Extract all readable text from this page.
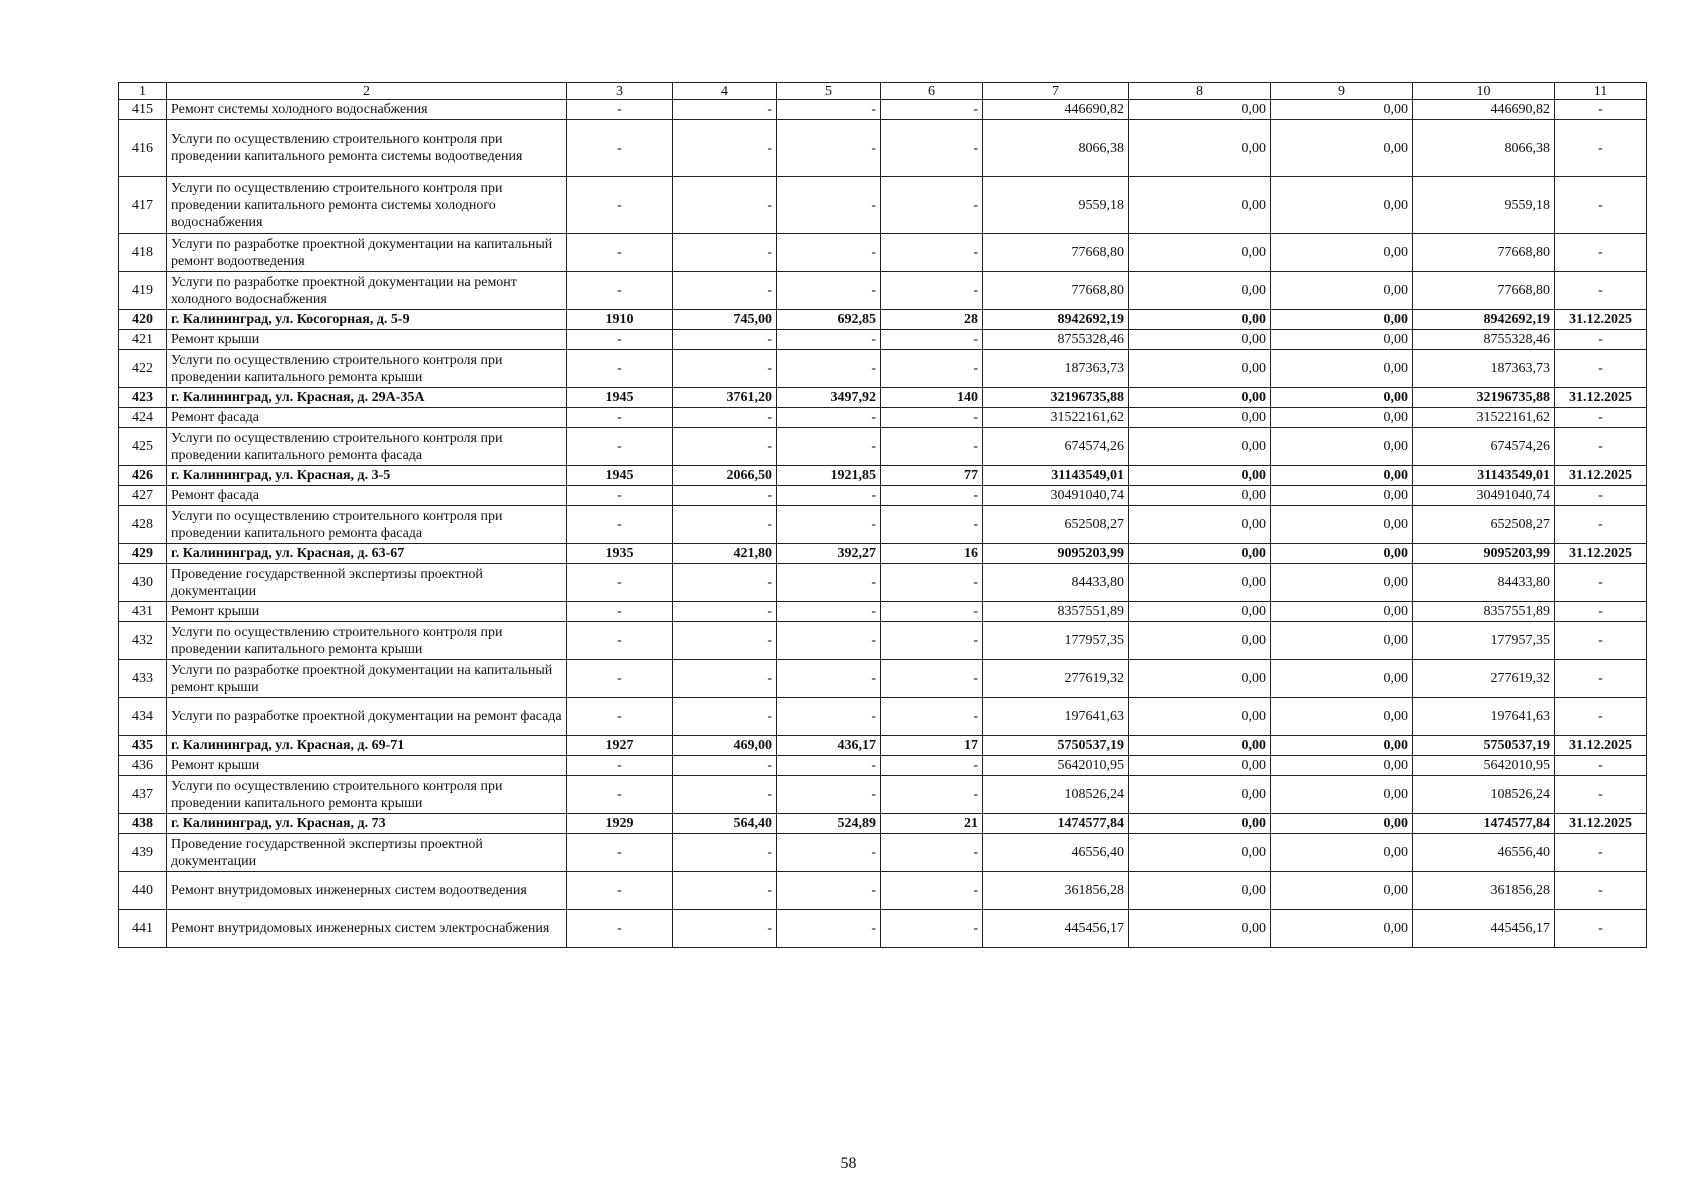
1	2	3	4	5	6	7	8	9	10	11
415	Ремонт системы холодного водоснабжения	-	-	-	-	446690,82	0,00	0,00	446690,82	-
416	Услуги по осуществлению строительного контроля при проведении капитального ремонта системы водоотведения	-	-	-	-	8066,38	0,00	0,00	8066,38	-
417	Услуги по осуществлению строительного контроля при проведении капитального ремонта системы холодного водоснабжения	-	-	-	-	9559,18	0,00	0,00	9559,18	-
418	Услуги по разработке проектной документации на капитальный ремонт водоотведения	-	-	-	-	77668,80	0,00	0,00	77668,80	-
419	Услуги по разработке проектной документации на ремонт холодного водоснабжения	-	-	-	-	77668,80	0,00	0,00	77668,80	-
420	г. Калининград, ул. Косогорная, д. 5-9	1910	745,00	692,85	28	8942692,19	0,00	0,00	8942692,19	31.12.2025
421	Ремонт крыши	-	-	-	-	8755328,46	0,00	0,00	8755328,46	-
422	Услуги по осуществлению строительного контроля при проведении капитального ремонта крыши	-	-	-	-	187363,73	0,00	0,00	187363,73	-
423	г. Калининград, ул. Красная, д. 29А-35А	1945	3761,20	3497,92	140	32196735,88	0,00	0,00	32196735,88	31.12.2025
424	Ремонт фасада	-	-	-	-	31522161,62	0,00	0,00	31522161,62	-
425	Услуги по осуществлению строительного контроля при проведении капитального ремонта фасада	-	-	-	-	674574,26	0,00	0,00	674574,26	-
426	г. Калининград, ул. Красная, д. 3-5	1945	2066,50	1921,85	77	31143549,01	0,00	0,00	31143549,01	31.12.2025
427	Ремонт фасада	-	-	-	-	30491040,74	0,00	0,00	30491040,74	-
428	Услуги по осуществлению строительного контроля при проведении капитального ремонта фасада	-	-	-	-	652508,27	0,00	0,00	652508,27	-
429	г. Калининград, ул. Красная, д. 63-67	1935	421,80	392,27	16	9095203,99	0,00	0,00	9095203,99	31.12.2025
430	Проведение государственной экспертизы проектной документации	-	-	-	-	84433,80	0,00	0,00	84433,80	-
431	Ремонт крыши	-	-	-	-	8357551,89	0,00	0,00	8357551,89	-
432	Услуги по осуществлению строительного контроля при проведении капитального ремонта крыши	-	-	-	-	177957,35	0,00	0,00	177957,35	-
433	Услуги по разработке проектной документации на капитальный ремонт крыши	-	-	-	-	277619,32	0,00	0,00	277619,32	-
434	Услуги по разработке проектной документации на ремонт фасада	-	-	-	-	197641,63	0,00	0,00	197641,63	-
435	г. Калининград, ул. Красная, д. 69-71	1927	469,00	436,17	17	5750537,19	0,00	0,00	5750537,19	31.12.2025
436	Ремонт крыши	-	-	-	-	5642010,95	0,00	0,00	5642010,95	-
437	Услуги по осуществлению строительного контроля при проведении капитального ремонта крыши	-	-	-	-	108526,24	0,00	0,00	108526,24	-
438	г. Калининград, ул. Красная, д. 73	1929	564,40	524,89	21	1474577,84	0,00	0,00	1474577,84	31.12.2025
439	Проведение государственной экспертизы проектной документации	-	-	-	-	46556,40	0,00	0,00	46556,40	-
440	Ремонт внутридомовых инженерных систем водоотведения	-	-	-	-	361856,28	0,00	0,00	361856,28	-
441	Ремонт внутридомовых инженерных систем электроснабжения	-	-	-	-	445456,17	0,00	0,00	445456,17	-
58
